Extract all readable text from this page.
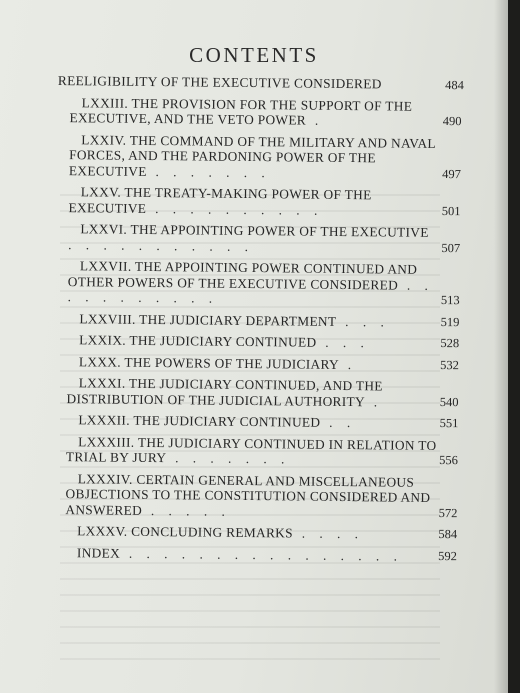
CONTENTS
REELIGIBILITY OF THE EXECUTIVE CONSIDERED	484
LXXIII. THE PROVISION FOR THE SUPPORT OF THE EXECUTIVE, AND THE VETO POWER .	490
LXXIV. THE COMMAND OF THE MILITARY AND NAVAL FORCES, AND THE PARDONING POWER OF THE EXECUTIVE . . . . . . .	497
LXXV. THE TREATY-MAKING POWER OF THE EXECUTIVE . . . . . . . . . .	501
LXXVI. THE APPOINTING POWER OF THE EXECUTIVE . . . . . . . . . . .	507
LXXVII. THE APPOINTING POWER CONTINUED AND OTHER POWERS OF THE EXECUTIVE CONSIDERED . . . . . . . . . . .	513
LXXVIII. THE JUDICIARY DEPARTMENT . . .	519
LXXIX. THE JUDICIARY CONTINUED . . .	528
LXXX. THE POWERS OF THE JUDICIARY .	532
LXXXI. THE JUDICIARY CONTINUED, AND THE DISTRIBUTION OF THE JUDICIAL AUTHORITY .	540
LXXXII. THE JUDICIARY CONTINUED . .	551
LXXXIII. THE JUDICIARY CONTINUED IN RELATION TO TRIAL BY JURY . . . . . . .	556
LXXXIV. CERTAIN GENERAL AND MISCELLANEOUS OBJECTIONS TO THE CONSTITUTION CONSIDERED AND ANSWERED . . . . .	572
LXXXV. CONCLUDING REMARKS . . . .	584
INDEX . . . . . . . . . . . . . . . .	592
